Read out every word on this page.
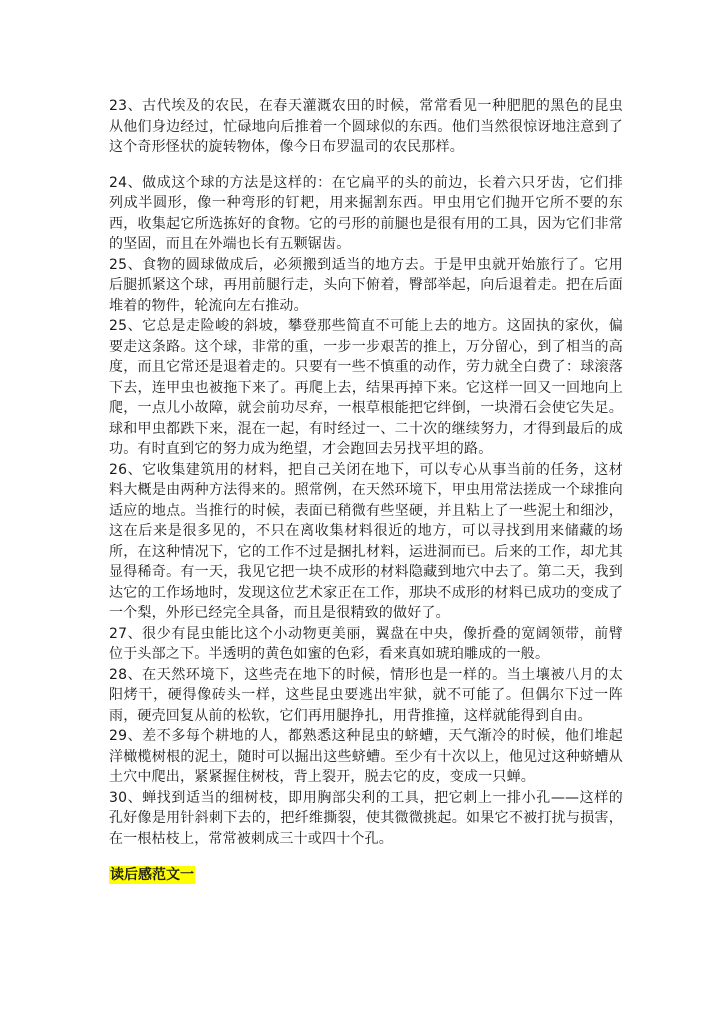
23、古代埃及的农民，在春天灌溉农田的时候，常常看见一种肥肥的黑色的昆虫从他们身边经过，忙碌地向后推着一个圆球似的东西。他们当然很惊讶地注意到了这个奇形怪状的旋转物体，像今日布罗温司的农民那样。

24、做成这个球的方法是这样的：在它扁平的头的前边，长着六只牙齿，它们排列成半圆形，像一种弯形的钉耙，用来掘割东西。甲虫用它们抛开它所不要的东西，收集起它所选拣好的食物。它的弓形的前腿也是很有用的工具，因为它们非常的坚固，而且在外端也长有五颗锯齿。

25、食物的圆球做成后，必须搬到适当的地方去。于是甲虫就开始旅行了。它用后腿抓紧这个球，再用前腿行走，头向下俯着，臀部举起，向后退着走。把在后面堆着的物件，轮流向左右推动。

25、它总是走险峻的斜坡，攀登那些简直不可能上去的地方。这固执的家伙，偏要走这条路。这个球，非常的重，一步一步艰苦的推上，万分留心，到了相当的高度，而且它常还是退着走的。只要有一些不慎重的动作，劳力就全白费了：球滚落下去，连甲虫也被拖下来了。再爬上去，结果再掉下来。它这样一回又一回地向上爬，一点儿小故障，就会前功尽弃，一根草根能把它绊倒，一块滑石会使它失足。球和甲虫都跌下来，混在一起，有时经过一、二十次的继续努力，才得到最后的成功。有时直到它的努力成为绝望，才会跑回去另找平坦的路。

26、它收集建筑用的材料，把自己关闭在地下，可以专心从事当前的任务，这材料大概是由两种方法得来的。照常例，在天然环境下，甲虫用常法搓成一个球推向适应的地点。当推行的时候，表面已稍微有些坚硬，并且粘上了一些泥土和细沙，这在后来是很多见的，不只在离收集材料很近的地方，可以寻找到用来储藏的场所，在这种情况下，它的工作不过是捆扎材料，运进洞而已。后来的工作，却尤其显得稀奇。有一天，我见它把一块不成形的材料隐藏到地穴中去了。第二天，我到达它的工作场地时，发现这位艺术家正在工作，那块不成形的材料已成功的变成了一个梨，外形已经完全具备，而且是很精致的做好了。

27、很少有昆虫能比这个小动物更美丽，翼盘在中央，像折叠的宽阔领带，前臂位于头部之下。半透明的黄色如蜜的色彩，看来真如琥珀雕成的一般。

28、在天然环境下，这些壳在地下的时候，情形也是一样的。当土壤被八月的太阳烤干，硬得像砖头一样，这些昆虫要逃出牢狱，就不可能了。但偶尔下过一阵雨，硬壳回复从前的松软，它们再用腿挣扎，用背推撞，这样就能得到自由。

29、差不多每个耕地的人，都熟悉这种昆虫的蛴螬，天气渐冷的时候，他们堆起洋橄榄树根的泥土，随时可以掘出这些蛴螬。至少有十次以上，他见过这种蛴螬从土穴中爬出，紧紧握住树枝，背上裂开，脱去它的皮，变成一只蝉。

30、蝉找到适当的细树枝，即用胸部尖利的工具，把它刺上一排小孔——这样的孔好像是用针斜刺下去的，把纤维撕裂，使其微微挑起。如果它不被打扰与损害，在一根枯枝上，常常被刺成三十或四十个孔。

读后感范文一
